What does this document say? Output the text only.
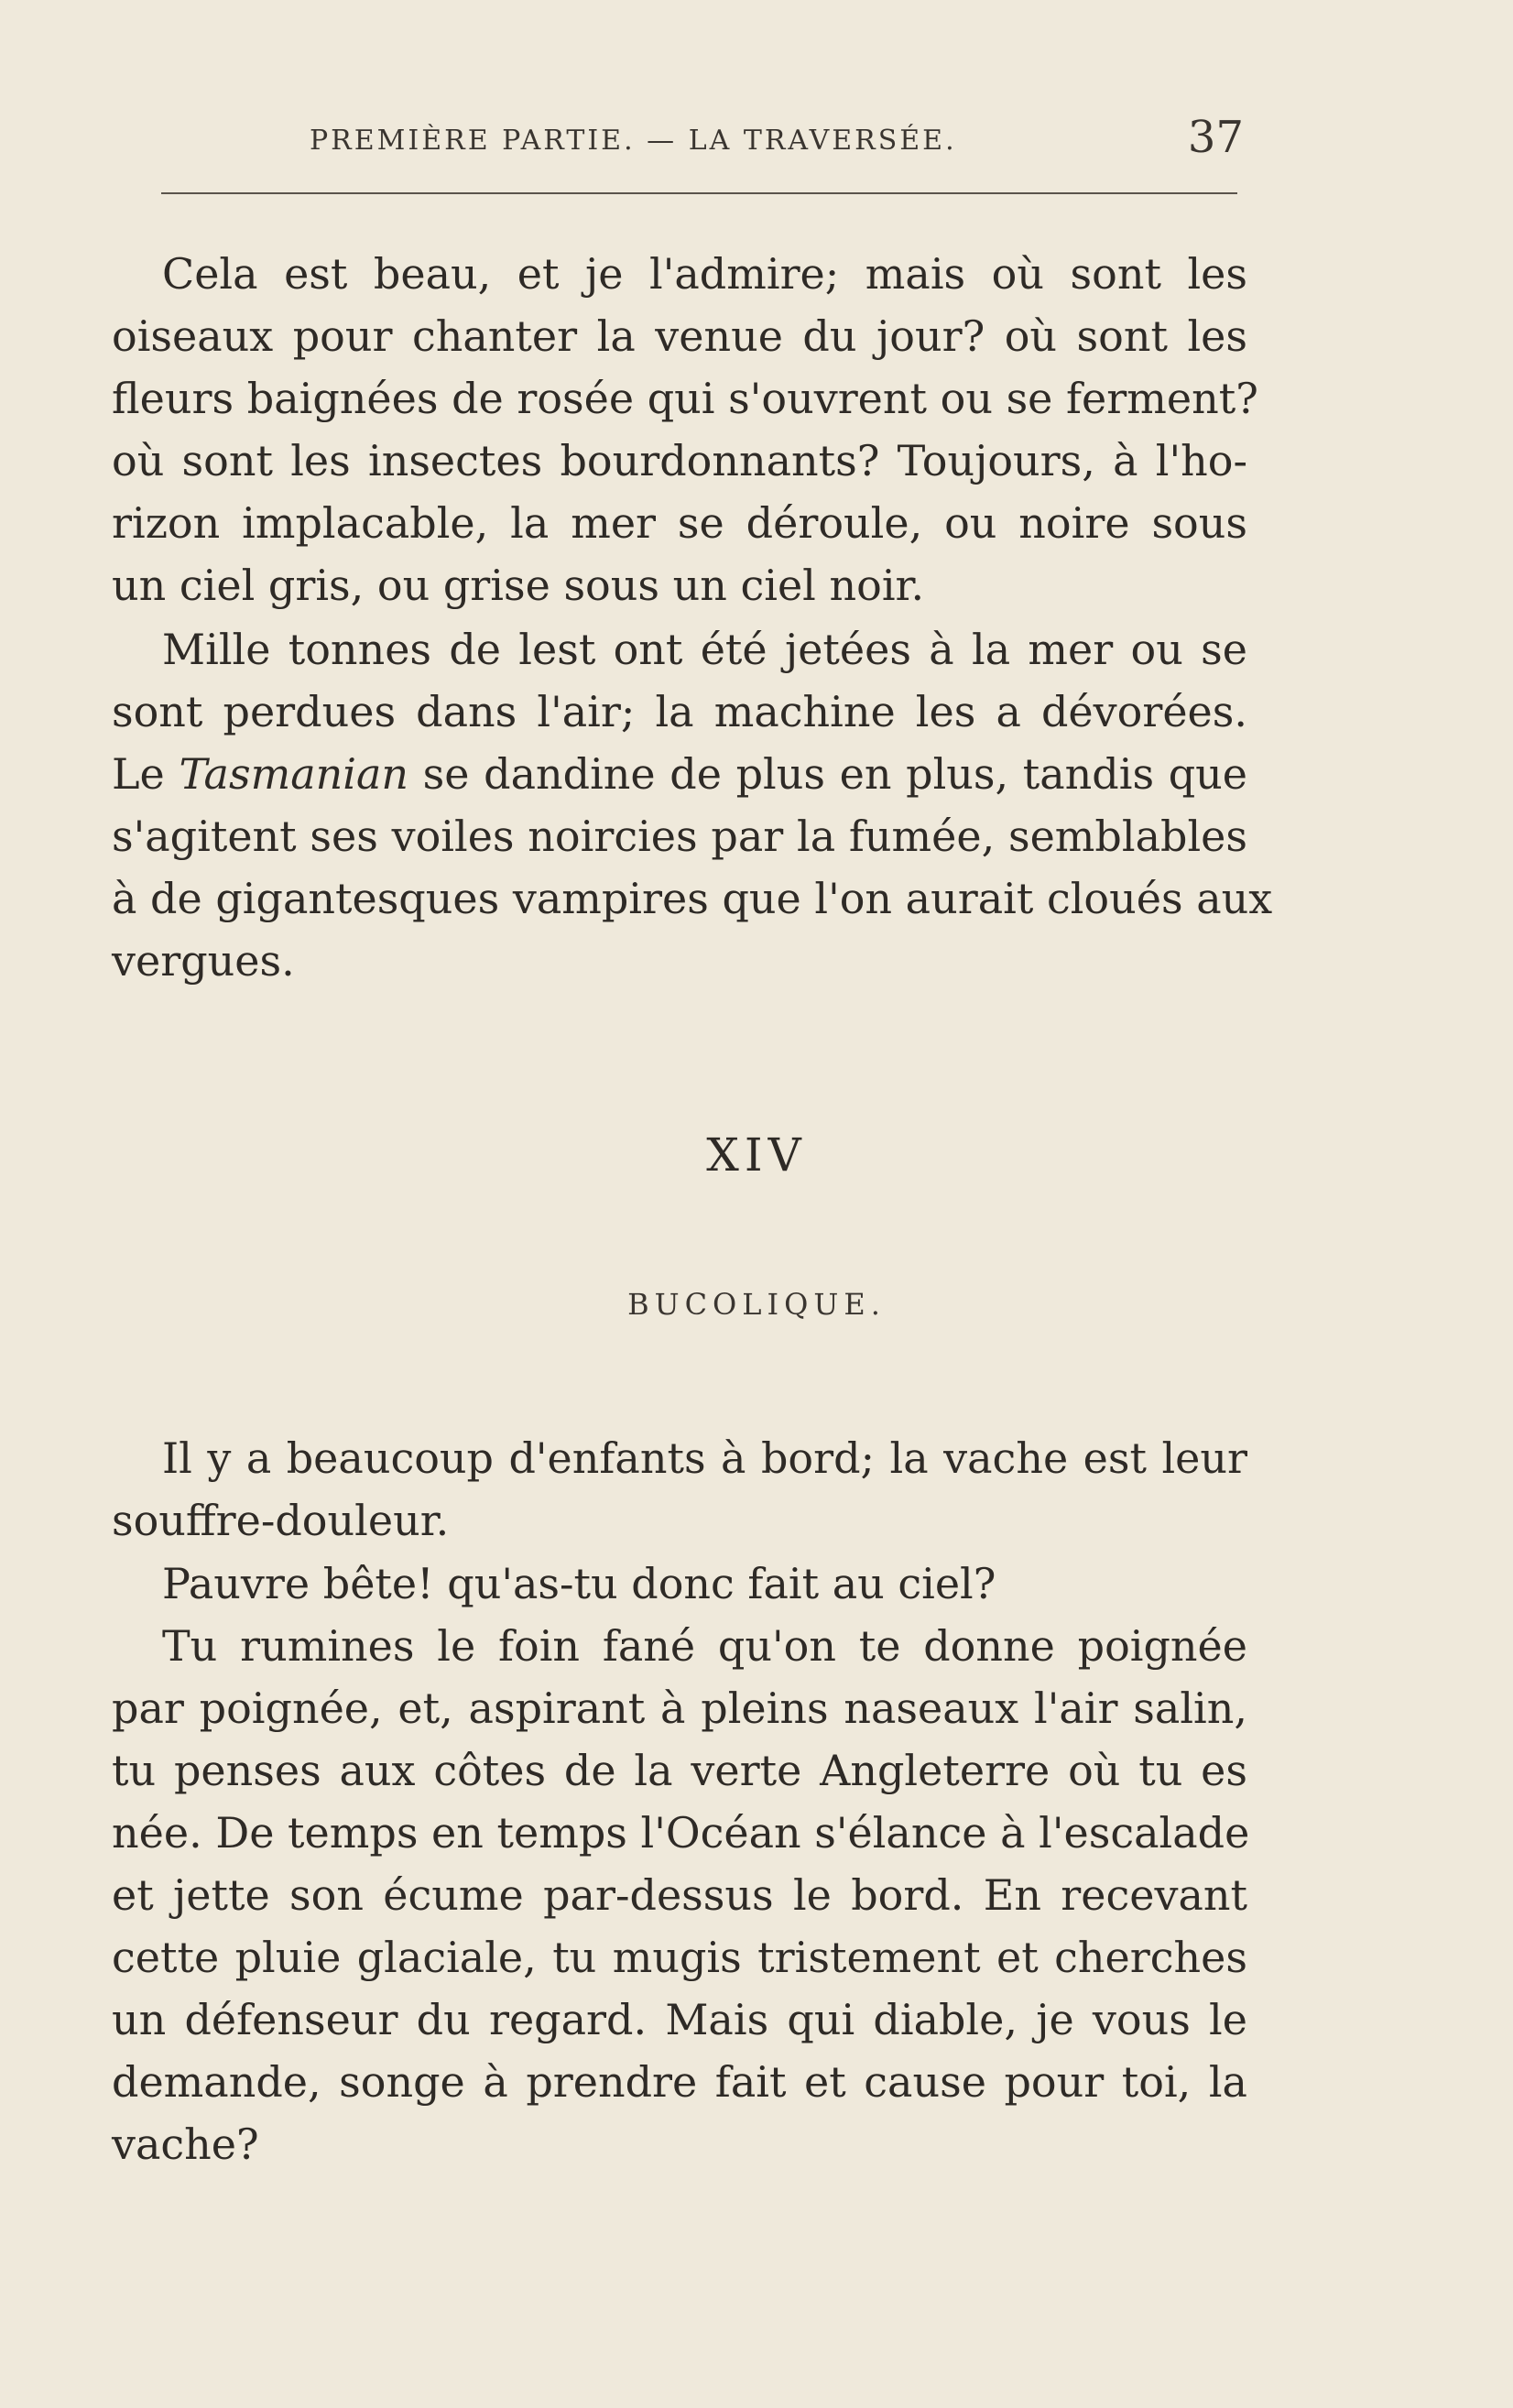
PREMIÈRE PARTIE. — LA TRAVERSÉE.	37
Cela est beau, et je l'admire; mais où sont les
oiseaux pour chanter la venue du jour? où sont les
fleurs baignées de rosée qui s'ouvrent ou se ferment?
où sont les insectes bourdonnants? Toujours, à l'ho-
rizon implacable, la mer se déroule, ou noire sous
un ciel gris, ou grise sous un ciel noir.
Mille tonnes de lest ont été jetées à la mer ou se
sont perdues dans l'air; la machine les a dévorées.
Le Tasmanian se dandine de plus en plus, tandis que
s'agitent ses voiles noircies par la fumée, semblables
à de gigantesques vampires que l'on aurait cloués aux
vergues.
XIV
BUCOLIQUE.
Il y a beaucoup d'enfants à bord; la vache est leur
souffre-douleur.
Pauvre bête! qu'as-tu donc fait au ciel?
Tu rumines le foin fané qu'on te donne poignée
par poignée, et, aspirant à pleins naseaux l'air salin,
tu penses aux côtes de la verte Angleterre où tu es
née. De temps en temps l'Océan s'élance à l'escalade
et jette son écume par-dessus le bord. En recevant
cette pluie glaciale, tu mugis tristement et cherches
un défenseur du regard. Mais qui diable, je vous le
demande, songe à prendre fait et cause pour toi, la
vache?
